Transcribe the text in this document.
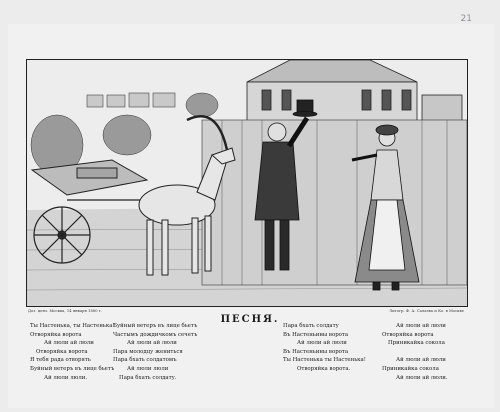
21
Доз. ценз. Москва, 14 января 1880 г.	Литогр. Ф. А. Салаева и Ко. в Москве
ПЕСНЯ.
Ты Настенька, ты Настенька!
Отворяйка ворота
Ай люли ай люли
Отворяйка ворота
Я тебя рада отворять
Буйный ветеръ въ лице бьетъ
Ай люли люли.
Буйный ветеръ въ лице бьетъ
Частымъ дождичкомъ сечетъ
Ай люли ай люли
Пара молодцу жениться
Пара бхать солдатомъ
Ай люли люли
Пара бхать солдату.
Пара бхать солдату
Въ Настеньины ворота
Ай люли ай люли
Въ Настеньины ворота
Ты Настенька ты Настенька!
Отворяйка ворота.
Ай люли ай люли
Отворяйка ворота
Приникайка сокола
Ай люли ай люли
Приникайка сокола
Ай люли ай люли.
